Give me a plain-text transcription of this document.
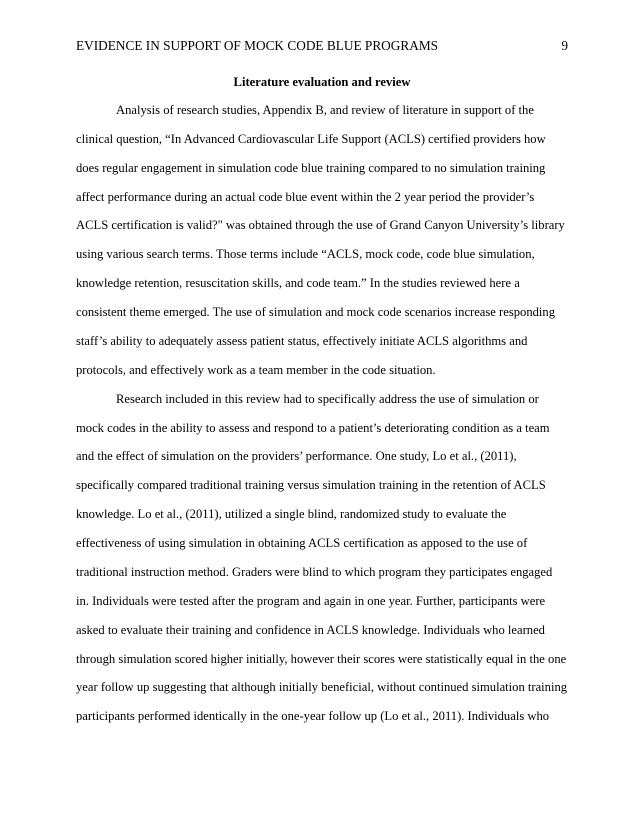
EVIDENCE IN SUPPORT OF MOCK CODE BLUE PROGRAMS	9
Literature evaluation and review
Analysis of research studies, Appendix B, and review of literature in support of the
clinical question, “In Advanced Cardiovascular Life Support (ACLS) certified providers how
does regular engagement in simulation code blue training compared to no simulation training
affect performance during an actual code blue event within the 2 year period the provider’s
ACLS certification is valid?" was obtained through the use of Grand Canyon University’s library
using various search terms. Those terms include “ACLS, mock code, code blue simulation,
knowledge retention, resuscitation skills, and code team.” In the studies reviewed here a
consistent theme emerged. The use of simulation and mock code scenarios increase responding
staff’s ability to adequately assess patient status, effectively initiate ACLS algorithms and
protocols, and effectively work as a team member in the code situation.
Research included in this review had to specifically address the use of simulation or
mock codes in the ability to assess and respond to a patient’s deteriorating condition as a team
and the effect of simulation on the providers’ performance. One study, Lo et al., (2011),
specifically compared traditional training versus simulation training in the retention of ACLS
knowledge. Lo et al., (2011), utilized a single blind, randomized study to evaluate the
effectiveness of using simulation in obtaining ACLS certification as apposed to the use of
traditional instruction method. Graders were blind to which program they participates engaged
in. Individuals were tested after the program and again in one year. Further, participants were
asked to evaluate their training and confidence in ACLS knowledge. Individuals who learned
through simulation scored higher initially, however their scores were statistically equal in the one
year follow up suggesting that although initially beneficial, without continued simulation training
participants performed identically in the one-year follow up (Lo et al., 2011). Individuals who
